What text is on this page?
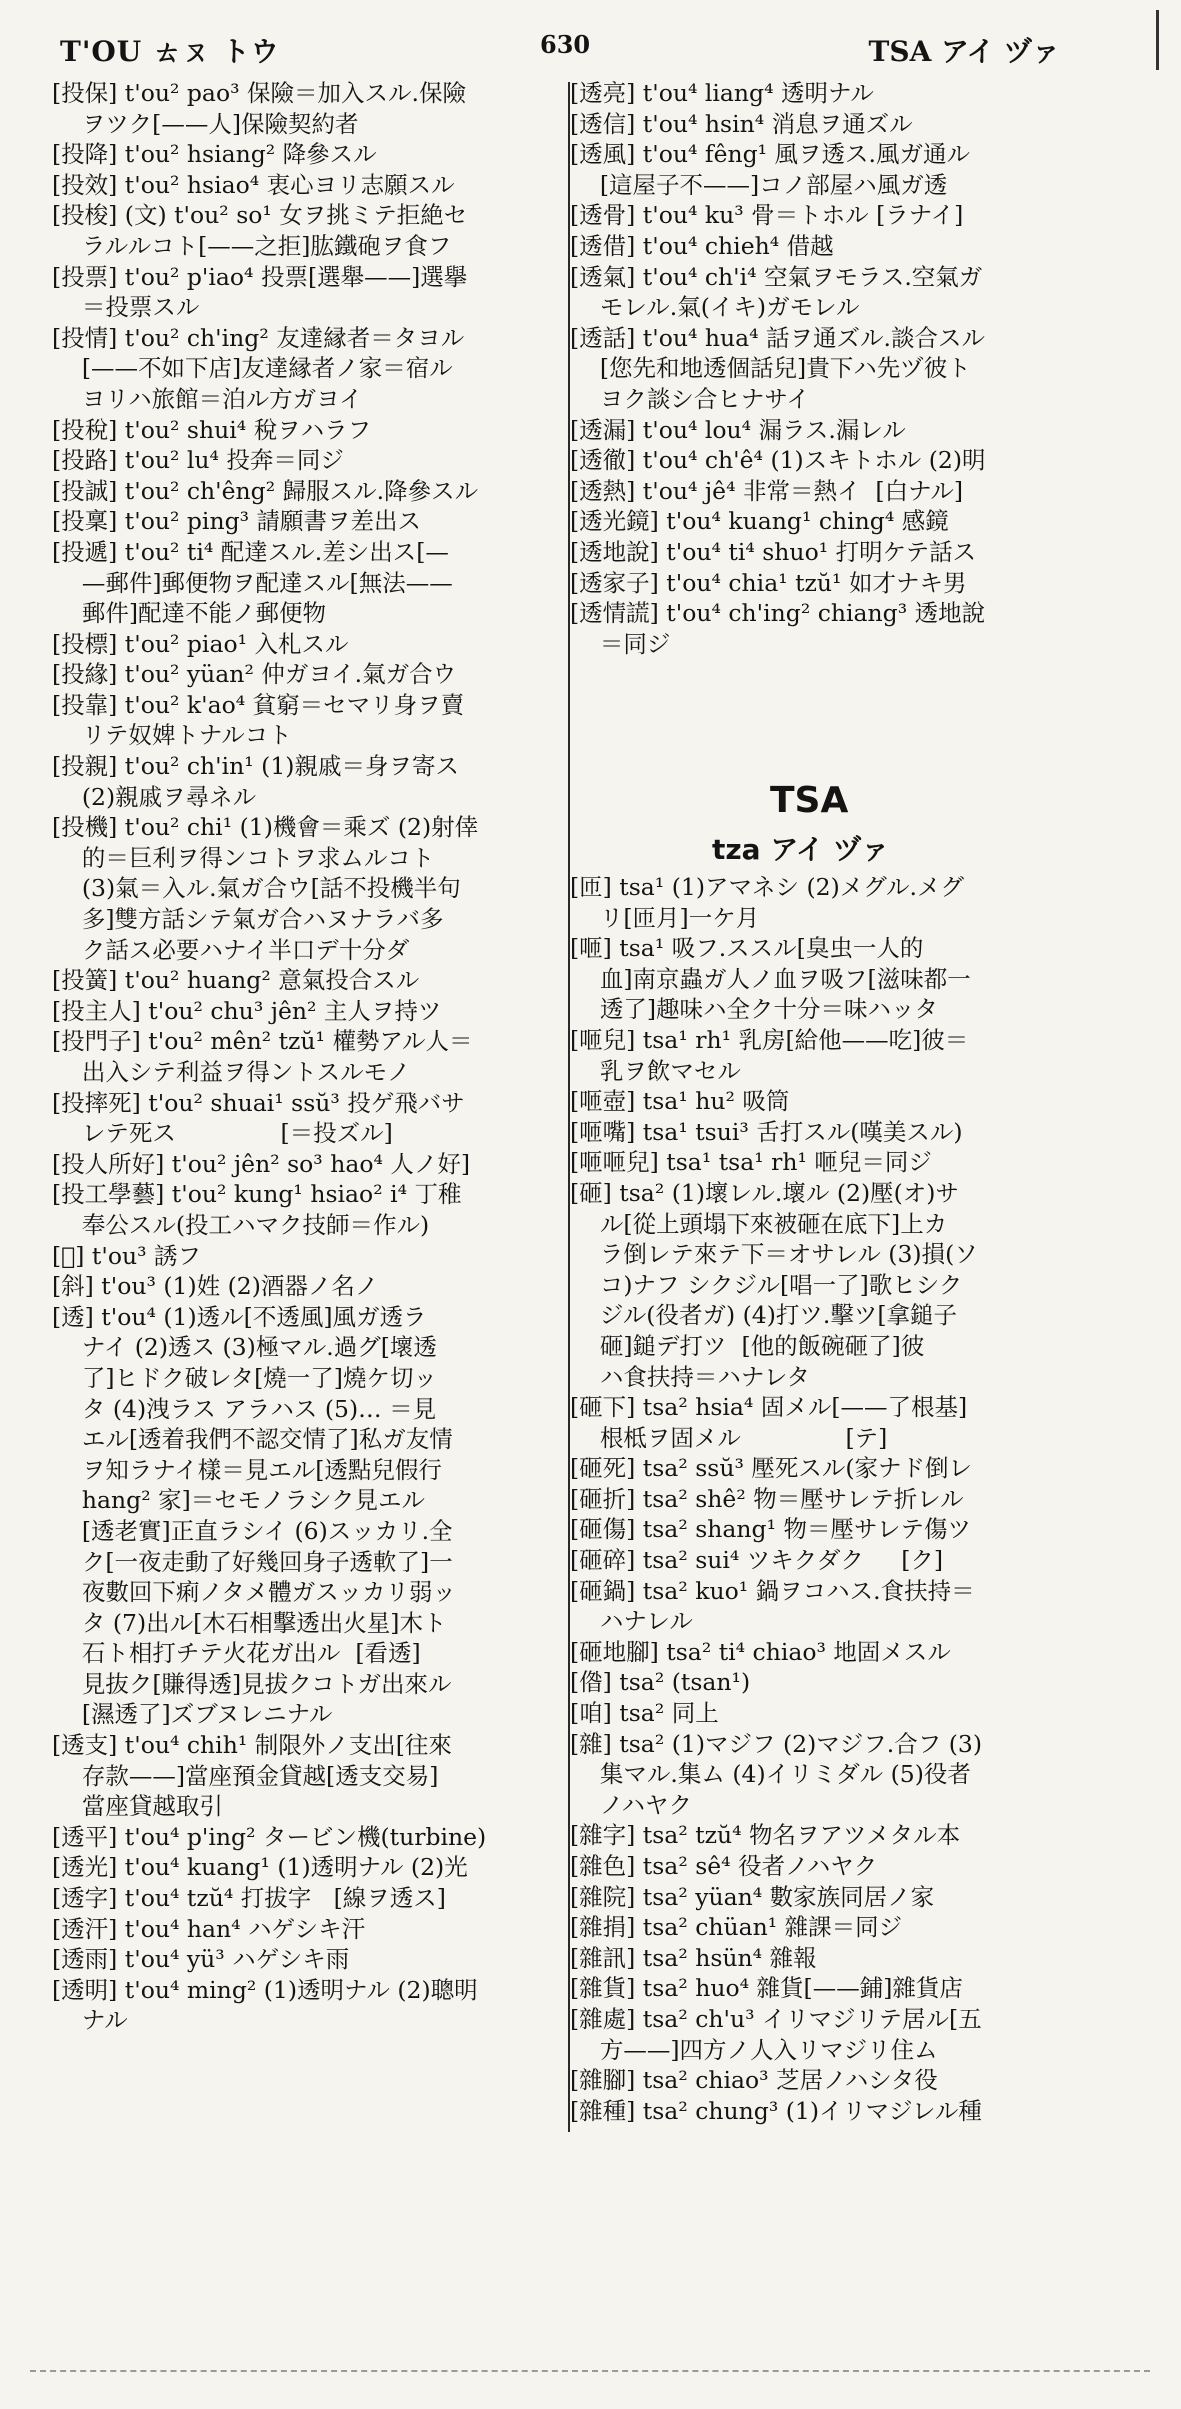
T'OU ㄊㄡ トウ	630	TSA アイ ヅァ
[投保] t'ou² pao³ 保險＝加入スル.保險
ヲツク[——人]保險契約者
[投降] t'ou² hsiang² 降參スル
[投效] t'ou² hsiao⁴ 衷心ヨリ志願スル
[投梭] (文) t'ou² so¹ 女ヲ挑ミテ拒絶セ
ラルルコト[——之拒]肱鐵砲ヲ食フ
[投票] t'ou² p'iao⁴ 投票[選舉——]選擧
＝投票スル
[投情] t'ou² ch'ing² 友達縁者＝タヨル
[——不如下店]友達縁者ノ家＝宿ル
ヨリハ旅館＝泊ル方ガヨイ
[投稅] t'ou² shui⁴ 稅ヲハラフ
[投路] t'ou² lu⁴ 投奔＝同ジ
[投誠] t'ou² ch'êng² 歸服スル.降參スル
[投稟] t'ou² ping³ 請願書ヲ差出ス
[投遞] t'ou² ti⁴ 配達スル.差シ出ス[—
—郵件]郵便物ヲ配達スル[無法——
郵件]配達不能ノ郵便物
[投標] t'ou² piao¹ 入札スル
[投緣] t'ou² yüan² 仲ガヨイ.氣ガ合ウ
[投靠] t'ou² k'ao⁴ 貧窮＝セマリ身ヲ賣
リテ奴婢トナルコト
[投親] t'ou² ch'in¹ (1)親戚＝身ヲ寄ス
(2)親戚ヲ尋ネル
[投機] t'ou² chi¹ (1)機會＝乘ズ (2)射倖
的＝巨利ヲ得ンコトヲ求ムルコト
(3)氣＝入ル.氣ガ合ウ[話不投機半句
多]雙方話シテ氣ガ合ハヌナラバ多
ク話ス必要ハナイ半口デ十分ダ
[投簧] t'ou² huang² 意氣投合スル
[投主人] t'ou² chu³ jên² 主人ヲ持ツ
[投門子] t'ou² mên² tzŭ¹ 權勢アル人＝
出入シテ利益ヲ得ントスルモノ
[投摔死] t'ou² shuai¹ ssŭ³ 投ゲ飛バサ
レテ死ス              [＝投ズル]
[投人所好] t'ou² jên² so³ hao⁴ 人ノ好]
[投工學藝] t'ou² kung¹ hsiao² i⁴ 丁稚
奉公スル(投工ハマク技師＝作ル)
[𨤸] t'ou³ 誘フ
[斜] t'ou³ (1)姓 (2)酒器ノ名ノ
[透] t'ou⁴ (1)透ル[不透風]風ガ透ラ
ナイ (2)透ス (3)極マル.過グ[壞透
了]ヒドク破レタ[燒一了]燒ケ切ッ
タ (4)洩ラス アラハス (5)… ＝見
エル[透着我們不認交情了]私ガ友情
ヲ知ラナイ樣＝見エル[透點兒假行
hang² 家]＝セモノラシク見エル
[透老實]正直ラシイ (6)スッカリ.全
ク[一夜走動了好幾回身子透軟了]一
夜數回下痢ノタメ體ガスッカリ弱ッ
タ (7)出ル[木石相擊透出火星]木ト
石ト相打チテ火花ガ出ル  [看透]
見抜ク[賺得透]見拔クコトガ出來ル
[濕透了]ズブヌレニナル
[透支] t'ou⁴ chih¹ 制限外ノ支出[往來
存款——]當座預金貸越[透支交易]
當座貸越取引
[透平] t'ou⁴ p'ing² タービン機(turbine)
[透光] t'ou⁴ kuang¹ (1)透明ナル (2)光
[透字] t'ou⁴ tzŭ⁴ 打拔字   [線ヲ透ス]
[透汗] t'ou⁴ han⁴ ハゲシキ汗
[透雨] t'ou⁴ yü³ ハゲシキ雨
[透明] t'ou⁴ ming² (1)透明ナル (2)聰明
ナル
[透亮] t'ou⁴ liang⁴ 透明ナル
[透信] t'ou⁴ hsin⁴ 消息ヲ通ズル
[透風] t'ou⁴ fêng¹ 風ヲ透ス.風ガ通ル
[這屋子不——]コノ部屋ハ風ガ透
[透骨] t'ou⁴ ku³ 骨＝トホル [ラナイ]
[透借] t'ou⁴ chieh⁴ 借越
[透氣] t'ou⁴ ch'i⁴ 空氣ヲモラス.空氣ガ
モレル.氣(イキ)ガモレル
[透話] t'ou⁴ hua⁴ 話ヲ通ズル.談合スル
[您先和地透個話兒]貴下ハ先ヅ彼ト
ヨク談シ合ヒナサイ
[透漏] t'ou⁴ lou⁴ 漏ラス.漏レル
[透徹] t'ou⁴ ch'ê⁴ (1)スキトホル (2)明
[透熱] t'ou⁴ jê⁴ 非常＝熱イ  [白ナル]
[透光鏡] t'ou⁴ kuang¹ ching⁴ 感鏡
[透地說] t'ou⁴ ti⁴ shuo¹ 打明ケテ話ス
[透家子] t'ou⁴ chia¹ tzŭ¹ 如才ナキ男
[透情謊] t'ou⁴ ch'ing² chiang³ 透地說
＝同ジ
TSA
tza アイ ヅァ
[匝] tsa¹ (1)アマネシ (2)メグル.メグ
リ[匝月]一ケ月
[咂] tsa¹ 吸フ.ススル[臭虫一人的
血]南京蟲ガ人ノ血ヲ吸フ[滋味都一
透了]趣味ハ全ク十分＝味ハッタ
[咂兒] tsa¹ rh¹ 乳房[給他——吃]彼＝
乳ヲ飲マセル
[咂壺] tsa¹ hu² 吸筒
[咂嘴] tsa¹ tsui³ 舌打スル(嘆美スル)
[咂咂兒] tsa¹ tsa¹ rh¹ 咂兒＝同ジ
[砸] tsa² (1)壞レル.壞ル (2)壓(オ)サ
ル[從上頭塌下來被砸在底下]上カ
ラ倒レテ來テ下＝オサレル (3)損(ソ
コ)ナフ シクジル[唱一了]歌ヒシク
ジル(役者ガ) (4)打ツ.擊ツ[拿鎚子
砸]鎚デ打ツ  [他的飯碗砸了]彼
ハ食扶持＝ハナレタ
[砸下] tsa² hsia⁴ 固メル[——了根基]
根柢ヲ固メル              [テ]
[砸死] tsa² ssŭ³ 壓死スル(家ナド倒レ
[砸折] tsa² shê² 物＝壓サレテ折レル
[砸傷] tsa² shang¹ 物＝壓サレテ傷ツ
[砸碎] tsa² sui⁴ ツキクダク     [ク]
[砸鍋] tsa² kuo¹ 鍋ヲコハス.食扶持＝
ハナレル
[砸地腳] tsa² ti⁴ chiao³ 地固メスル
[偺] tsa² (tsan¹)
[咱] tsa² 同上
[雜] tsa² (1)マジフ (2)マジフ.合フ (3)
集マル.集ム (4)イリミダル (5)役者
ノハヤク
[雜字] tsa² tzŭ⁴ 物名ヲアツメタル本
[雜色] tsa² sê⁴ 役者ノハヤク
[雜院] tsa² yüan⁴ 數家族同居ノ家
[雜捐] tsa² chüan¹ 雜課＝同ジ
[雜訊] tsa² hsün⁴ 雜報
[雜貨] tsa² huo⁴ 雜貨[——鋪]雜貨店
[雜處] tsa² ch'u³ イリマジリテ居ル[五
方——]四方ノ人入リマジリ住ム
[雜腳] tsa² chiao³ 芝居ノハシタ役
[雜種] tsa² chung³ (1)イリマジレル種
